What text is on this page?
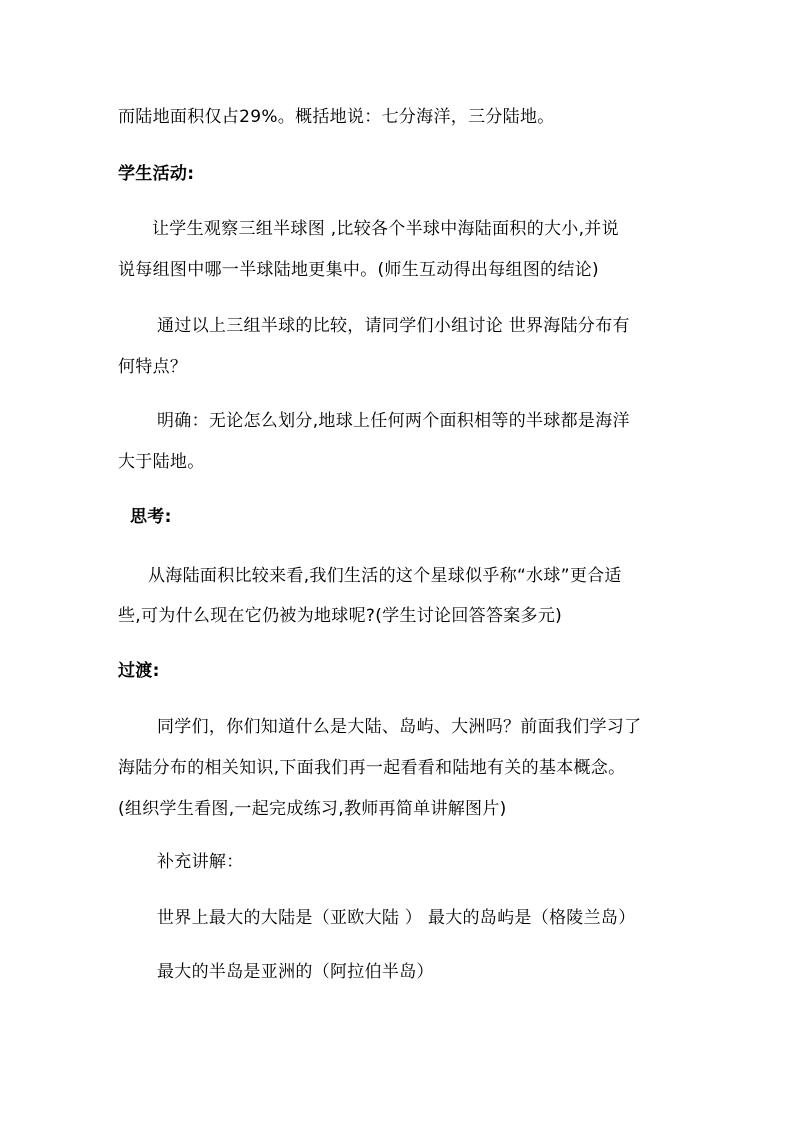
而陆地面积仅占29%。概括地说：七分海洋，三分陆地。
学生活动:
让学生观察三组半球图 ,比较各个半球中海陆面积的大小,并说
说每组图中哪一半球陆地更集中。(师生互动得出每组图的结论)
通过以上三组半球的比较，请同学们小组讨论 世界海陆分布有
何特点？
明确：无论怎么划分,地球上任何两个面积相等的半球都是海洋
大于陆地。
思考:
从海陆面积比较来看,我们生活的这个星球似乎称“水球”更合适
些,可为什么现在它仍被为地球呢?(学生讨论回答答案多元)
过渡:
同学们，你们知道什么是大陆、岛屿、大洲吗？前面我们学习了
海陆分布的相关知识,下面我们再一起看看和陆地有关的基本概念。
(组织学生看图,一起完成练习,教师再简单讲解图片)
补充讲解：
世界上最大的大陆是（亚欧大陆 ） 最大的岛屿是（格陵兰岛）
最大的半岛是亚洲的（阿拉伯半岛）
